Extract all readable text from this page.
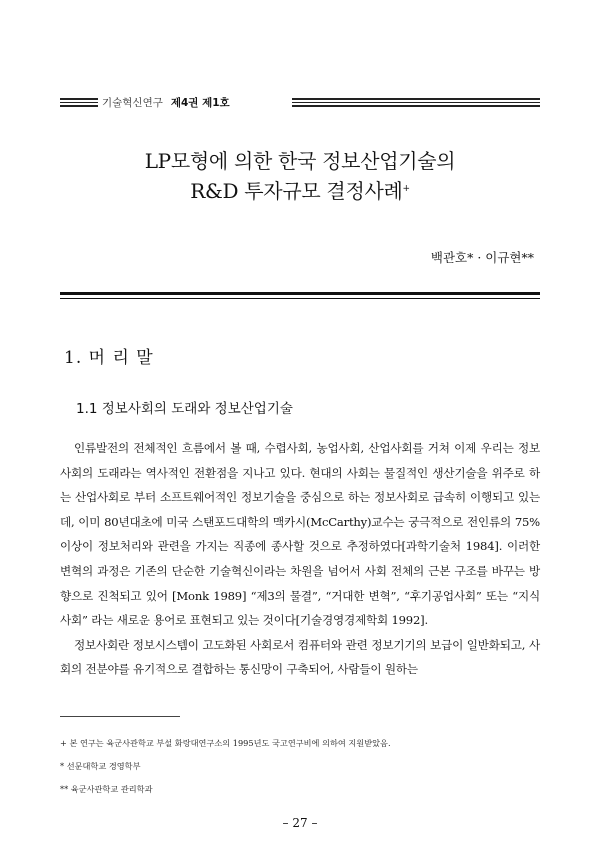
기술혁신연구 제4권 제1호
LP모형에 의한 한국 정보산업기술의
R&D 투자규모 결정사례+
백관호* · 이규현**
1. 머 리 말
1.1 정보사회의 도래와 정보산업기술

인류발전의 전체적인 흐름에서 볼 때, 수렵사회, 농업사회, 산업사회를 거쳐 이제 우리는 정보사회의 도래라는 역사적인 전환점을 지나고 있다. 현대의 사회는 물질적인 생산기술을 위주로 하는 산업사회로 부터 소프트웨어적인 정보기술을 중심으로 하는 정보사회로 급속히 이행되고 있는데, 이미 80년대초에 미국 스탠포드대학의 맥카시(McCarthy)교수는 궁극적으로 전인류의 75%이상이 정보처리와 관련을 가지는 직종에 종사할 것으로 추정하였다[과학기술처 1984]. 이러한 변혁의 과정은 기존의 단순한 기술혁신이라는 차원을 넘어서 사회 전체의 근본 구조를 바꾸는 방향으로 진척되고 있어 [Monk 1989] “제3의 물결”, “거대한 변혁”, “후기공업사회” 또는 “지식 사회” 라는 새로운 용어로 표현되고 있는 것이다[기술경영경제학회 1992].

정보사회란 정보시스템이 고도화된 사회로서 컴퓨터와 관련 정보기기의 보급이 일반화되고, 사회의 전분야를 유기적으로 결합하는 통신망이 구축되어, 사람들이 원하는

+ 본 연구는 육군사관학교 부설 화랑대연구소의 1995년도 국고연구비에 의하여 지원받았음.
* 선문대학교 경영학부
** 육군사관학교 관리학과
– 27 –
